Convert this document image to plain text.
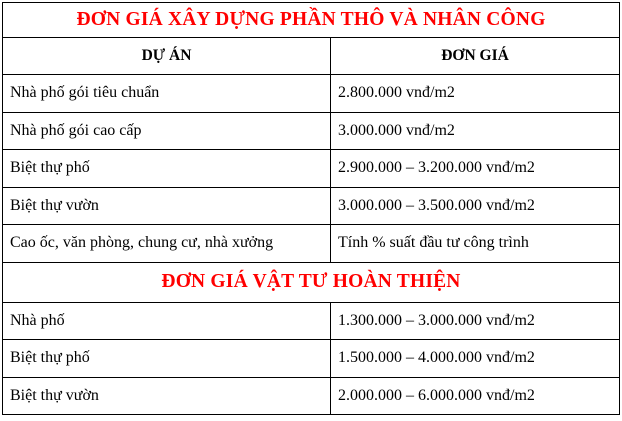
ĐƠN GIÁ XÂY DỰNG PHẦN THÔ VÀ NHÂN CÔNG	
DỰ ÁN	ĐƠN GIÁ
Nhà phố gói tiêu chuẩn	2.800.000 vnđ/m2
Nhà phố gói cao cấp	3.000.000 vnđ/m2
Biệt thự phố	2.900.000 – 3.200.000 vnđ/m2
Biệt thự vườn	3.000.000 – 3.500.000 vnđ/m2
Cao ốc, văn phòng, chung cư, nhà xưởng	Tính % suất đầu tư công trình
ĐƠN GIÁ VẬT TƯ HOÀN THIỆN	
Nhà phố	1.300.000 – 3.000.000 vnđ/m2
Biệt thự phố	1.500.000 – 4.000.000 vnđ/m2
Biệt thự vườn	2.000.000 – 6.000.000 vnđ/m2
